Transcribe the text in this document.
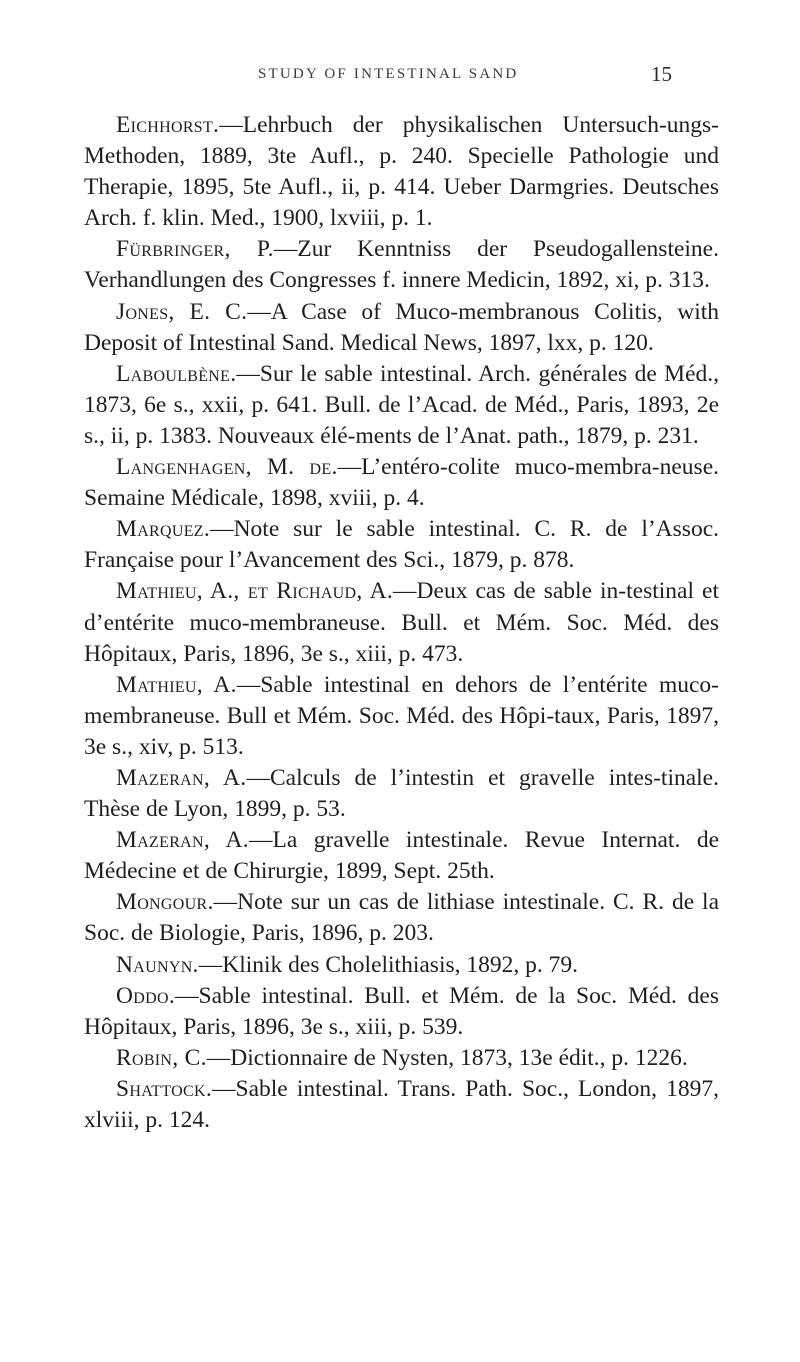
STUDY OF INTESTINAL SAND	15

Eichhorst.—Lehrbuch der physikalischen Untersuch-ungs-Methoden, 1889, 3te Aufl., p. 240. Specielle Pathologie und Therapie, 1895, 5te Aufl., ii, p. 414. Ueber Darmgries. Deutsches Arch. f. klin. Med., 1900, lxviii, p. 1.

Fürbringer, P.—Zur Kenntniss der Pseudogallensteine. Verhandlungen des Congresses f. innere Medicin, 1892, xi, p. 313.

Jones, E. C.—A Case of Muco-membranous Colitis, with Deposit of Intestinal Sand. Medical News, 1897, lxx, p. 120.

Laboulbène.—Sur le sable intestinal. Arch. générales de Méd., 1873, 6e s., xxii, p. 641. Bull. de l’Acad. de Méd., Paris, 1893, 2e s., ii, p. 1383. Nouveaux élé-ments de l’Anat. path., 1879, p. 231.

Langenhagen, M. de.—L’entéro-colite muco-membra-neuse. Semaine Médicale, 1898, xviii, p. 4.

Marquez.—Note sur le sable intestinal. C. R. de l’Assoc. Française pour l’Avancement des Sci., 1879, p. 878.

Mathieu, A., et Richaud, A.—Deux cas de sable in-testinal et d’entérite muco-membraneuse. Bull. et Mém. Soc. Méd. des Hôpitaux, Paris, 1896, 3e s., xiii, p. 473.

Mathieu, A.—Sable intestinal en dehors de l’entérite muco-membraneuse. Bull et Mém. Soc. Méd. des Hôpi-taux, Paris, 1897, 3e s., xiv, p. 513.

Mazeran, A.—Calculs de l’intestin et gravelle intes-tinale. Thèse de Lyon, 1899, p. 53.

Mazeran, A.—La gravelle intestinale. Revue Internat. de Médecine et de Chirurgie, 1899, Sept. 25th.

Mongour.—Note sur un cas de lithiase intestinale. C. R. de la Soc. de Biologie, Paris, 1896, p. 203.

Naunyn.—Klinik des Cholelithiasis, 1892, p. 79.

Oddo.—Sable intestinal. Bull. et Mém. de la Soc. Méd. des Hôpitaux, Paris, 1896, 3e s., xiii, p. 539.

Robin, C.—Dictionnaire de Nysten, 1873, 13e édit., p. 1226.

Shattock.—Sable intestinal. Trans. Path. Soc., London, 1897, xlviii, p. 124.
